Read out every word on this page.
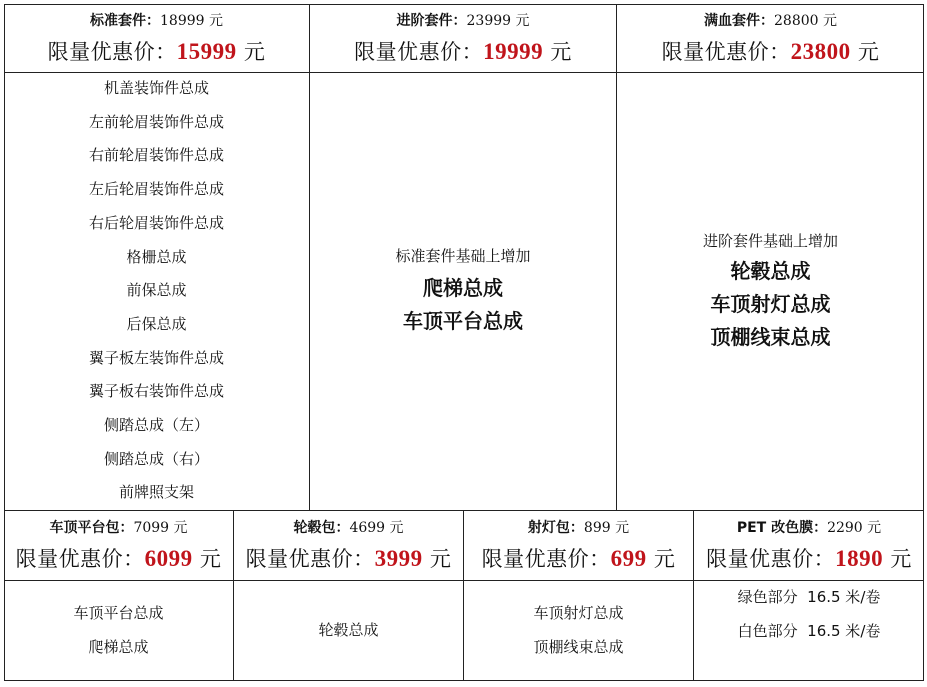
标准套件：18999 元
限量优惠价：15999 元
进阶套件：23999 元
限量优惠价：19999 元
满血套件：28800 元
限量优惠价：23800 元
机盖装饰件总成
左前轮眉装饰件总成
右前轮眉装饰件总成
左后轮眉装饰件总成
右后轮眉装饰件总成
格栅总成
前保总成
后保总成
翼子板左装饰件总成
翼子板右装饰件总成
侧踏总成（左）
侧踏总成（右）
前牌照支架
标准套件基础上增加
爬梯总成
车顶平台总成
进阶套件基础上增加
轮毂总成
车顶射灯总成
顶棚线束总成
车顶平台包：7099 元
限量优惠价：6099 元
轮毂包：4699 元
限量优惠价：3999 元
射灯包：899 元
限量优惠价：699 元
PET 改色膜：2290 元
限量优惠价：1890 元
车顶平台总成
爬梯总成
轮毂总成
车顶射灯总成
顶棚线束总成
绿色部分  16.5 米/卷
白色部分  16.5 米/卷
